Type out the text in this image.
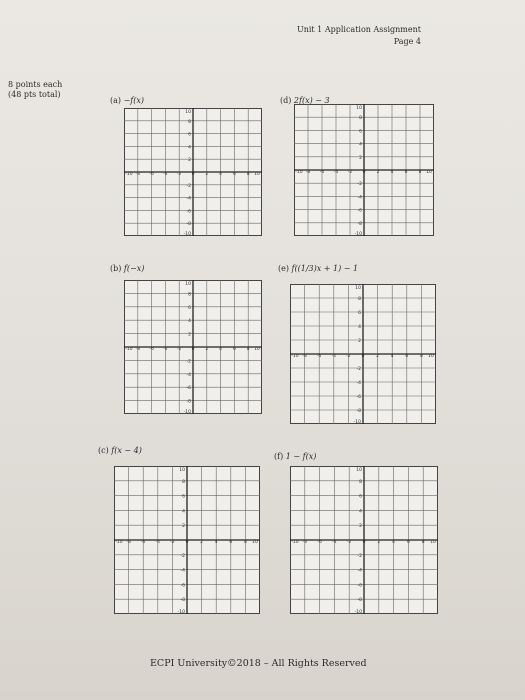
Unit 1 Application Assignment
Page 4
8 points each
(48 pts total)
(a) −f(x)
(b) f(−x)
(c) f(x − 4)
(d) 2f(x) − 3
(e) f((1/3)x + 1) − 1
(f) 1 − f(x)
-10 -8 -6 -4 -2 0 2 4 6 8 10
10
8
6
4
2
-2
-4
-6
-8
-10
-10 -8 -6 -4 -2 0 2 4 6 8 10
10
8
6
4
2
-2
-4
-6
-8
-10
-10 -8 -6 -4 -2 0	2	4	6	8 10
10
8
6
4
2
-2
-4
-6
-8
-10
-10 -8 -6 -4 -2 0 2 4 6 8 10
10
8
6
4
2
-2
-4
-6
-8
-10
-10 -8 -6 -4 -2 0	2	4	6	8 10
10
8
6
4
2
-2
-4
-6
-8
-10
-10 -8 -6 -4 -2 0	2	4	6	8 10
10
8
6
4
2
-2
-4
-6
-8
-10
ECPI University©2018 – All Rights Reserved
